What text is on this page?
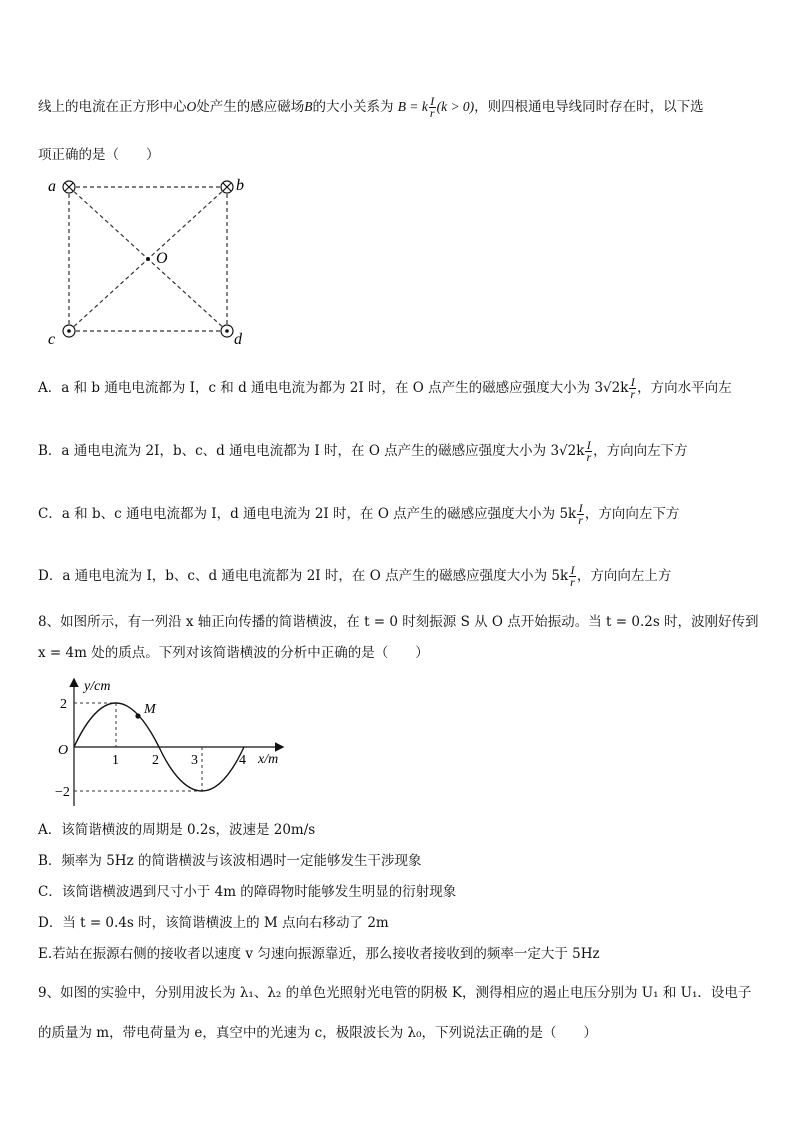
线上的电流在正方形中心O处产生的感应磁场B的大小关系为 B = k $\frac{I}{r} (k > 0)$，则四根通电导线同时存在时，以下选
项正确的是（　　）
a	b
c	d
O
A．a 和 b 通电电流都为 I，c 和 d 通电电流为都为 2I 时，在 O 点产生的磁感应强度大小为 $3√2k \frac{I}{r}$ ，方向水平向左
B．a 通电电流为 2I，b、c、d 通电电流都为 I 时，在 O 点产生的磁感应强度大小为 $3√2k \frac{I}{r}$ ，方向向左下方
C．a 和 b、c 通电电流都为 I，d 通电电流为 2I 时，在 O 点产生的磁感应强度大小为 $5k \frac{I}{r}$ ，方向向左下方
D．a 通电电流为 I，b、c、d 通电电流都为 2I 时，在 O 点产生的磁感应强度大小为 $5k \frac{I}{r}$ ，方向向左上方
8、如图所示，有一列沿 x 轴正向传播的简谐横波，在 t = 0 时刻振源 S 从 O 点开始振动。当 t = 0.2s 时，波刚好传到
x = 4m 处的质点。下列对该简谐横波的分析中正确的是（　　）
M
y/cm
x/m
O
2
−2
1 2 3	4
A．该简谐横波的周期是 0.2s，波速是 20m/s
B．频率为 5Hz 的简谐横波与该波相遇时一定能够发生干涉现象
C．该简谐横波遇到尺寸小于 4m 的障碍物时能够发生明显的衍射现象
D．当 t = 0.4s 时，该简谐横波上的 M 点向右移动了 2m
E.若站在振源右侧的接收者以速度 v 匀速向振源靠近，那么接收者接收到的频率一定大于 5Hz
9、如图的实验中，分别用波长为 λ₁、λ₂ 的单色光照射光电管的阴极 K，测得相应的遏止电压分别为 U₁ 和 U₁．设电子
的质量为 m，带电荷量为 e，真空中的光速为 c，极限波长为 λ₀，下列说法正确的是（　　）
